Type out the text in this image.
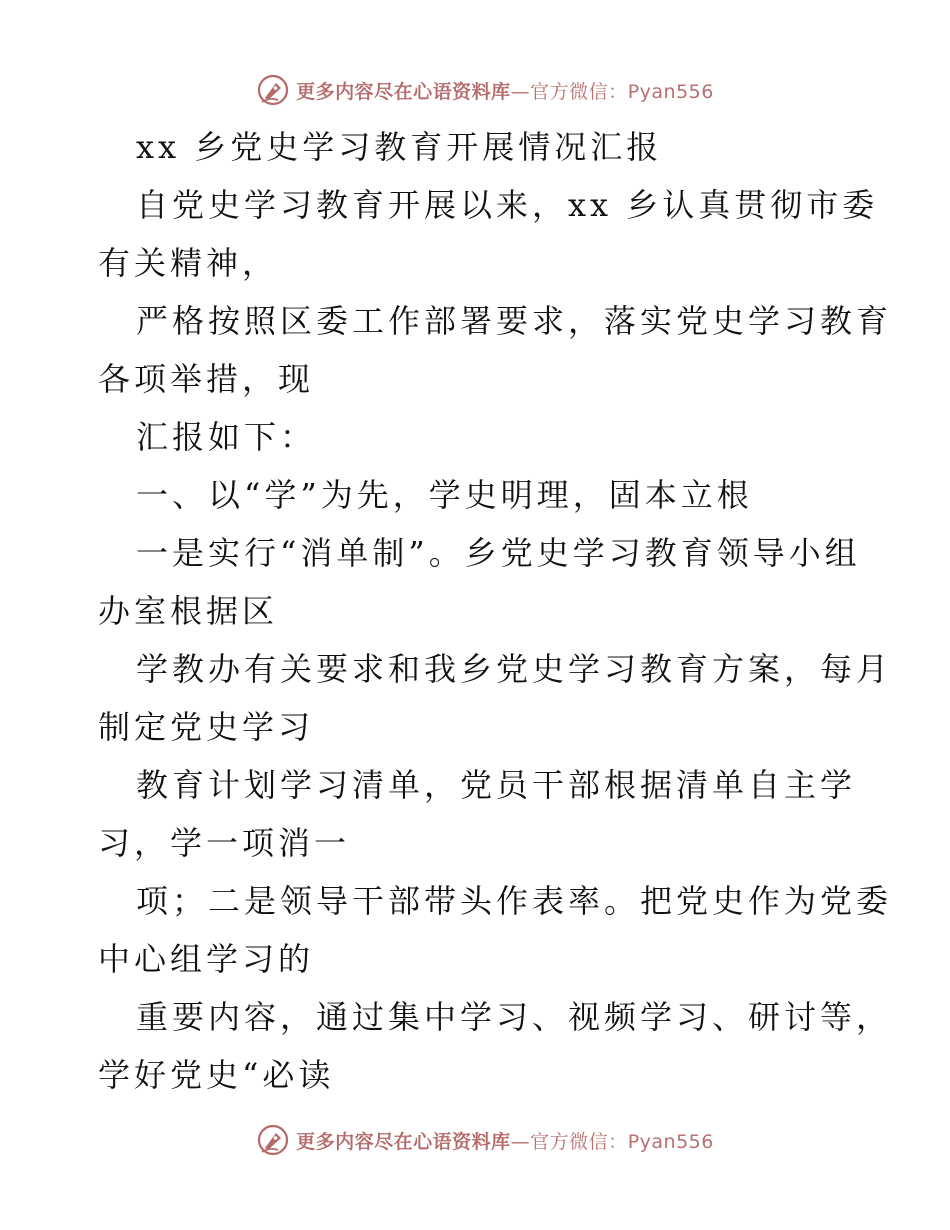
更多内容尽在心语资料库—官方微信：Pyan556
xx 乡党史学习教育开展情况汇报
自党史学习教育开展以来，xx 乡认真贯彻市委
有关精神，
严格按照区委工作部署要求，落实党史学习教育
各项举措，现
汇报如下：
一、以“学”为先，学史明理，固本立根
一是实行“消单制”。乡党史学习教育领导小组
办室根据区
学教办有关要求和我乡党史学习教育方案，每月
制定党史学习
教育计划学习清单，党员干部根据清单自主学
习，学一项消一
项；二是领导干部带头作表率。把党史作为党委
中心组学习的
重要内容，通过集中学习、视频学习、研讨等，
学好党史“必读
更多内容尽在心语资料库—官方微信：Pyan556
